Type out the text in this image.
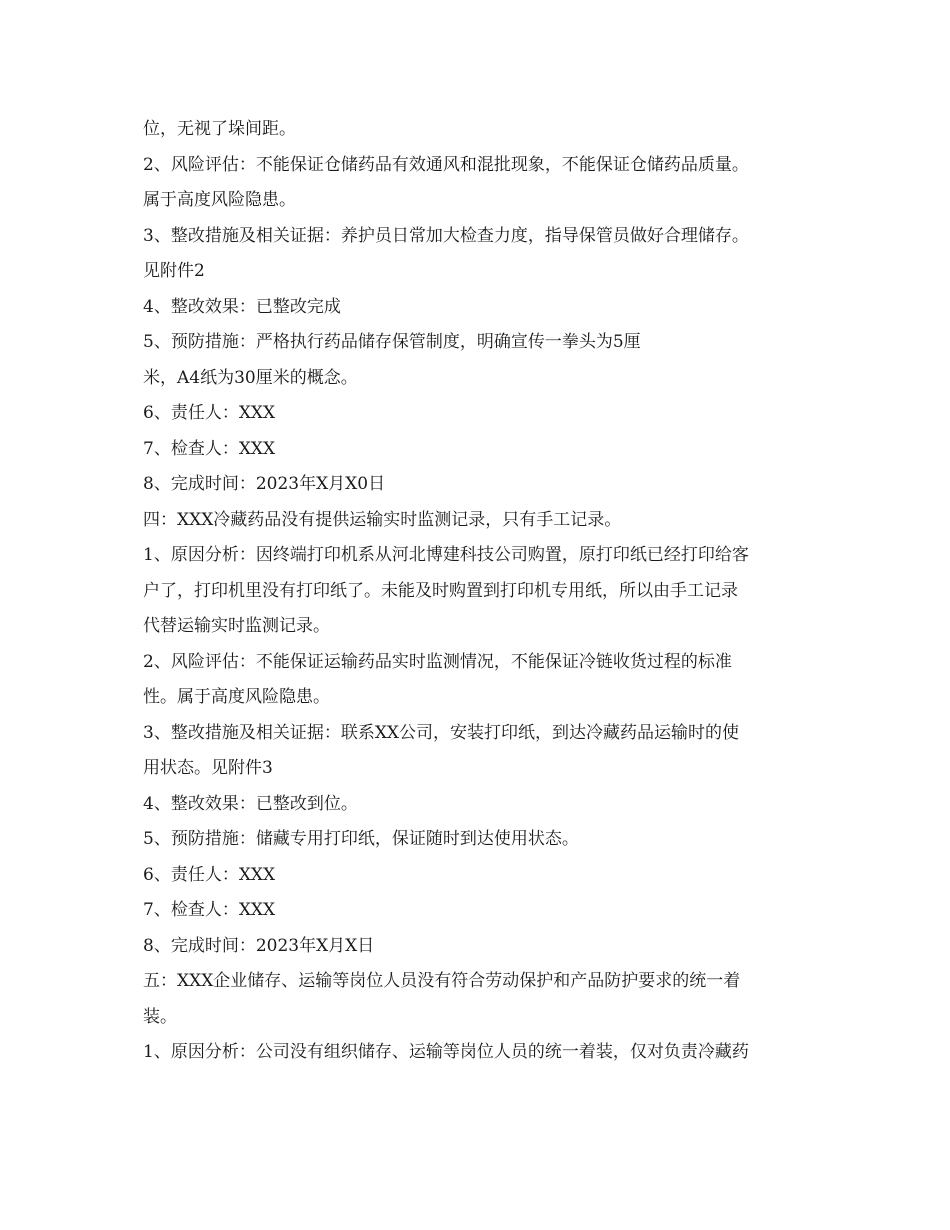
位，无视了垛间距。
2、风险评估：不能保证仓储药品有效通风和混批现象，不能保证仓储药品质量。
属于高度风险隐患。
3、整改措施及相关证据：养护员日常加大检查力度，指导保管员做好合理储存。
见附件2
4、整改效果：已整改完成
5、预防措施：严格执行药品储存保管制度，明确宣传一拳头为5厘
米，A4纸为30厘米的概念。
6、责任人：XXX
7、检查人：XXX
8、完成时间：2023年X月X0日
四：XXX冷藏药品没有提供运输实时监测记录，只有手工记录。
1、原因分析：因终端打印机系从河北博建科技公司购置，原打印纸已经打印给客
户了，打印机里没有打印纸了。未能及时购置到打印机专用纸，所以由手工记录
代替运输实时监测记录。
2、风险评估：不能保证运输药品实时监测情况，不能保证冷链收货过程的标准
性。属于高度风险隐患。
3、整改措施及相关证据：联系XX公司，安装打印纸，到达冷藏药品运输时的使
用状态。见附件3
4、整改效果：已整改到位。
5、预防措施：储藏专用打印纸，保证随时到达使用状态。
6、责任人：XXX
7、检查人：XXX
8、完成时间：2023年X月X日
五：XXX企业储存、运输等岗位人员没有符合劳动保护和产品防护要求的统一着
装。
1、原因分析：公司没有组织储存、运输等岗位人员的统一着装，仅对负责冷藏药
